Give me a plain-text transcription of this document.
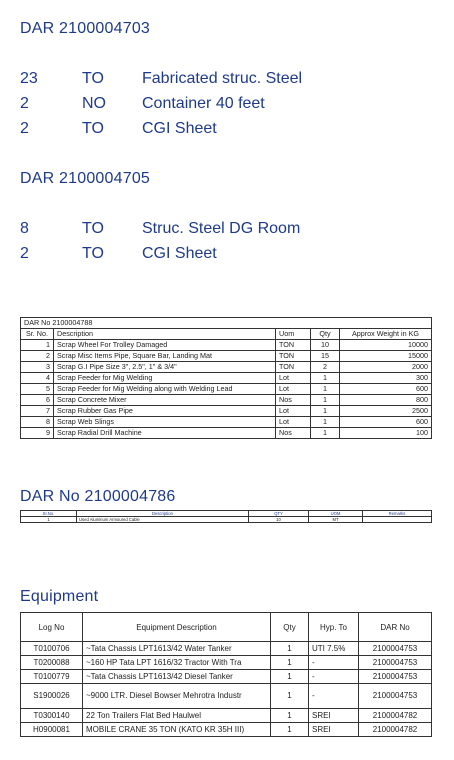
DAR 2100004703
23	TO Fabricated struc. Steel
2	NO Container 40 feet
2	TO CGI Sheet
DAR 2100004705
8	TO Struc. Steel DG Room
2	TO CGI Sheet
DAR No 2100004788				
Sr. No.	Description	Uom	Qty	Approx Weight in KG
1	Scrap Wheel For Trolley Damaged	TON	10	10000
2	Scrap Misc Items Pipe, Square Bar, Landing Mat	TON	15	15000
3	Scrap G.I Pipe Size 3", 2.5", 1" & 3/4"	TON	2	2000
4	Scrap Feeder for Mig Welding	Lot	1	300
5	Scrap Feeder for Mig Welding along with Welding Lead	Lot	1	600
6	Scrap Concrete Mixer	Nos	1	800
7	Scrap Rubber Gas Pipe	Lot	1	2500
8	Scrap Web Slings	Lot	1	600
9	Scrap Radial Drill Machine	Nos	1	100
DAR No 2100004786
Sr.No.	Description	QTY	UOM	Remarks
1	Used Aluminum Armoured Cable	10	MT	
Equipment
Log No	Equipment Description	Qty	Hyp. To	DAR No
T0100706	~Tata Chassis LPT1613/42 Water Tanker	1	UTI 7.5%	2100004753
T0200088	~160 HP Tata LPT 1616/32 Tractor With Tra	1	-	2100004753
T0100779	~Tata Chassis LPT1613/42 Diesel Tanker	1	-	2100004753
S1900026	~9000 LTR. Diesel Bowser Mehrotra Industr	1	-	2100004753
T0300140	22 Ton Trailers Flat Bed Haulwel	1	SREI	2100004782
H0900081	MOBILE CRANE 35 TON (KATO KR 35H III)	1	SREI	2100004782
